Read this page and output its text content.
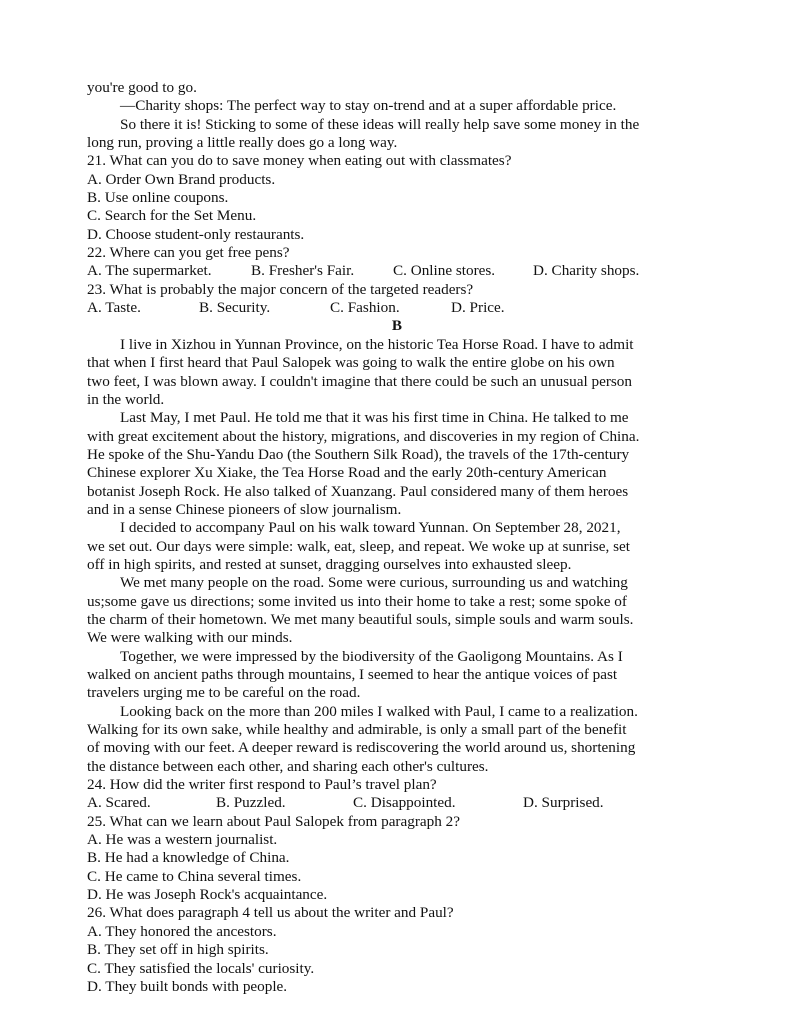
you're good to go.
—Charity shops: The perfect way to stay on-trend and at a super affordable price.
So there it is! Sticking to some of these ideas will really help save some money in the
long run, proving a little really does go a long way.
21. What can you do to save money when eating out with classmates?
A. Order Own Brand products.
B. Use online coupons.
C. Search for the Set Menu.
D. Choose student-only restaurants.
22. Where can you get free pens?
A. The supermarket.	B. Fresher's Fair.	C. Online stores.	D. Charity shops.
23. What is probably the major concern of the targeted readers?
A. Taste.	B. Security.	C. Fashion.	D. Price.
B
I live in Xizhou in Yunnan Province, on the historic Tea Horse Road. I have to admit
that when I first heard that Paul Salopek was going to walk the entire globe on his own
two feet, I was blown away. I couldn't imagine that there could be such an unusual person
in the world.
Last May, I met Paul. He told me that it was his first time in China. He talked to me
with great excitement about the history, migrations, and discoveries in my region of China.
He spoke of the Shu-Yandu Dao (the Southern Silk Road), the travels of the 17th-century
Chinese explorer Xu Xiake, the Tea Horse Road and the early 20th-century American
botanist Joseph Rock. He also talked of Xuanzang. Paul considered many of them heroes
and in a sense Chinese pioneers of slow journalism.
I decided to accompany Paul on his walk toward Yunnan. On September 28, 2021,
we set out. Our days were simple: walk, eat, sleep, and repeat. We woke up at sunrise, set
off in high spirits, and rested at sunset, dragging ourselves into exhausted sleep.
We met many people on the road. Some were curious, surrounding us and watching
us;some gave us directions; some invited us into their home to take a rest; some spoke of
the charm of their hometown. We met many beautiful souls, simple souls and warm souls.
We were walking with our minds.
Together, we were impressed by the biodiversity of the Gaoligong Mountains. As I
walked on ancient paths through mountains, I seemed to hear the antique voices of past
travelers urging me to be careful on the road.
Looking back on the more than 200 miles I walked with Paul, I came to a realization.
Walking for its own sake, while healthy and admirable, is only a small part of the benefit
of moving with our feet. A deeper reward is rediscovering the world around us, shortening
the distance between each other, and sharing each other's cultures.
24. How did the writer first respond to Paul’s travel plan?
A. Scared.	B. Puzzled.	C. Disappointed.	D. Surprised.
25. What can we learn about Paul Salopek from paragraph 2?
A. He was a western journalist.
B. He had a knowledge of China.
C. He came to China several times.
D. He was Joseph Rock's acquaintance.
26. What does paragraph 4 tell us about the writer and Paul?
A. They honored the ancestors.
B. They set off in high spirits.
C. They satisfied the locals' curiosity.
D. They built bonds with people.
